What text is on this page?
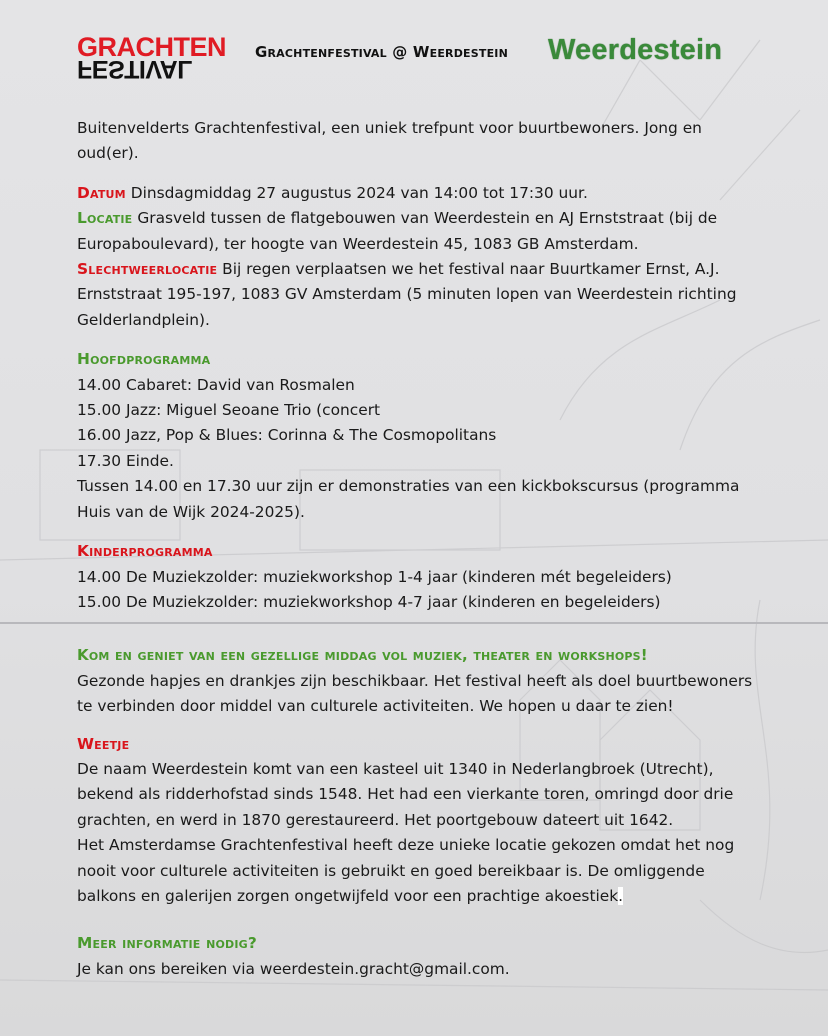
GRACHTEN
FESTIVAL
Grachtenfestival @ Weerdestein Weerdestein

Buitenvelderts Grachtenfestival, een uniek trefpunt voor buurtbewoners. Jong en oud(er).

Datum Dinsdagmiddag 27 augustus 2024 van 14:00 tot 17:30 uur.

Locatie Grasveld tussen de flatgebouwen van Weerdestein en AJ Ernststraat (bij de Europaboulevard), ter hoogte van Weerdestein 45, 1083 GB Amsterdam.

Slechtweerlocatie Bij regen verplaatsen we het festival naar Buurtkamer Ernst, A.J. Ernststraat 195-197, 1083 GV Amsterdam (5 minuten lopen van Weerdestein richting Gelderlandplein).

Hoofdprogramma

14.00 Cabaret: David van Rosmalen

15.00 Jazz: Miguel Seoane Trio (concert

16.00 Jazz, Pop & Blues: Corinna & The Cosmopolitans

17.30 Einde.

Tussen 14.00 en 17.30 uur zijn er demonstraties van een kickbokscursus (programma Huis van de Wijk 2024-2025).

Kinderprogramma

14.00 De Muziekzolder: muziekworkshop 1-4 jaar (kinderen mét begeleiders)

15.00 De Muziekzolder: muziekworkshop 4-7 jaar (kinderen en begeleiders)

Kom en geniet van een gezellige middag vol muziek, theater en workshops!

Gezonde hapjes en drankjes zijn beschikbaar. Het festival heeft als doel buurtbewoners te verbinden door middel van culturele activiteiten. We hopen u daar te zien!

Weetje

De naam Weerdestein komt van een kasteel uit 1340 in Nederlangbroek (Utrecht), bekend als ridderhofstad sinds 1548. Het had een vierkante toren, omringd door drie grachten, en werd in 1870 gerestaureerd. Het poortgebouw dateert uit 1642.

Het Amsterdamse Grachtenfestival heeft deze unieke locatie gekozen omdat het nog nooit voor culturele activiteiten is gebruikt en goed bereikbaar is. De omliggende balkons en galerijen zorgen ongetwijfeld voor een prachtige akoestiek.

Meer informatie nodig?

Je kan ons bereiken via weerdestein.gracht@gmail.com.
